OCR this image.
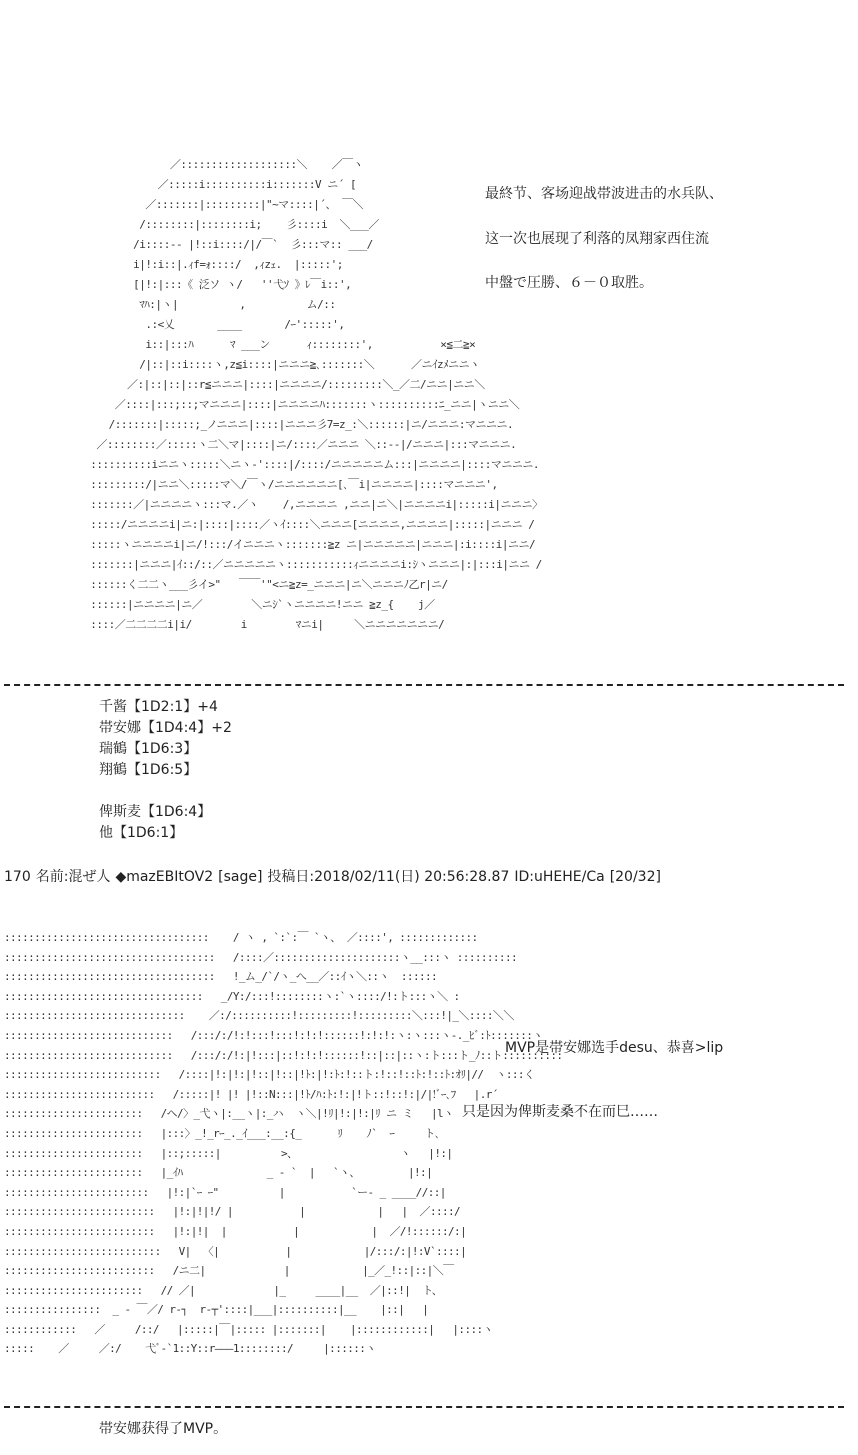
／:::::::::::::::::::＼    ／￣ヽ
／:::::i::::::::::i:::::::V ニ´ [
／:::::::|:::::::::|"~マ::::|´、 ￣＼
/::::::::|::::::::i;    彡::::i  ＼___／
/i::::-‐ |!::i::::/|/￣`  彡:::マ:: ___/
i|!:i::|.ｨf=ｫ::::/  ,ｨzｪ.  |:::::';
[|!:|:::《 泛ソ ヽ/   ''弋ｿ 》ﾚ￣i::',
ﾏﾊ:|ヽ|          ,          ム/::
.:<乂       ____       /ｰ':::::',
i::|:::ﾊ      ﾏ ___ン      ｨ::::::::',           ×≦二≧×
/|::|::i::::ヽ,z≦i::::|ニニニ≧､:::::::＼      ／ニｲzﾒニニヽ
／:|::|::|::r≦ニニニ|::::|ニニニニ/:::::::::＼_／二/ニニ|ニニ＼
／::::|:::;::;マニニニ|::::|ニニニニﾊ:::::::ヽ::::::::::ﾆ_ニニ|ヽニニ＼
/:::::::|:::::;_ノニニニ|::::|ニニニ彡7=z_:＼::::::|ニ/ニニニ:マニニニ.
／::::::::／:::::ヽ二＼マ|::::|ニ/::::／ニニニ ＼::-‐|/ニニニ|:::マニニニ.
::::::::::iニニヽ:::::＼ニヽ-'::::|/::::/ニニニニニム:::|ニニニニ|::::マニニニ.
:::::::::/|ニニ＼:::::マ＼/￣ヽ/ニニニニニニ[､￣i|ニニニニ|::::マニニニ',
:::::::／|ニニニニヽ:::マ.／ヽ    /,ニニニニ ,ニニ|ニ＼|ニニニニi|:::::i|ニニニ〉
:::::/ニニニニi|ニ:|::::|::::／ヽｲ::::＼ニニニ[ニニニニ,ニニニニ|:::::|ニニニ /
:::::ヽニニニニi|ニ/!:::/イニニニヽ:::::::≧z ニ|ニニニニニ|ニニニ|:i::::i|ニニ/
:::::::|ニニニ|ｲ::/::／ニニニニニヽ:::::::::::ｨニニニニi:ｼヽニニニ|:|:::i|ニニ /
::::::く二二ヽ___彡イ>"   ￣￣'"<ニ≧z=_ニニニ|ニ＼ニニニﾉ乙r|ニ/
::::::|ニニニニ|ニ／        ＼ニｼ`ヽニニニニ!ニニ ≧z_{    j／
::::／二二二二i|i/        i        ﾏニi|     ＼ニニニニニニニ/
最終节、客场迎战帯波进击的水兵队、
这一次也展现了利落的凤翔家西住流
中盤で圧勝、６－０取胜。
千酱【1D2:1】+4
帯安娜【1D4:4】+2
瑞鶴【1D6:3】
翔鶴【1D6:5】
俾斯麦【1D6:4】
他【1D6:1】
170 名前:混ぜ人 ◆mazEBItOV2 [sage] 投稿日:2018/02/11(日) 20:56:28.87 ID:uHEHE/Ca [20/32]
::::::::::::::::::::::::::::::::::    / ヽ , `:`:￣ `ヽ、 ／::::', :::::::::::::
:::::::::::::::::::::::::::::::::::   /::::／:::::::::::::::::::::ヽ__:::ヽ ::::::::::
:::::::::::::::::::::::::::::::::::   !_ム_/`/ヽ_へ__／::ｲヽ＼::ヽ  ::::::
:::::::::::::::::::::::::::::::::   _/Y:/:::!::::::::ヽ:`ヽ::::/!:ト:::ヽ＼ :
::::::::::::::::::::::::::::::    ／:/::::::::::!:::::::::!:::::::::＼:::!|_＼::::＼＼
::::::::::::::::::::::::::::   /:::/:/!:!:::!:::!:!:!::::::!:!:!:ヽ:ヽ:::ヽ-._ﾋﾞ:ﾄ:::::::ヽ
::::::::::::::::::::::::::::   /:::/:/!:|!:::|::!:!:!::::::!::|::|::ヽ:ト:::ト_ﾉ::ト::::::::::
::::::::::::::::::::::::::   /::::|!:|!:|!::|!::|!ﾄ:|!:ﾄ:!::ト:!::!::ﾄ:!::ﾄ:ｵﾘ|//  ヽ:::く
:::::::::::::::::::::::::   /:::::|! |! |!::N:::|!ﾄ/ﾊ:ﾄ:!:|!ト::!::!:|/|!ﾞｰ､ﾌ   |.r´
:::::::::::::::::::::::   /ヘ/〉_弋ヽ|:__ヽ|:_ハ  ヽ＼|!ﾘ|!:|!:|ﾘ ニ ミ   |lヽ
:::::::::::::::::::::::   |:::〉_!_rｰ_._ｲ___:__:{_      ﾘ    ﾉ`  ｰ     ト､
:::::::::::::::::::::::   |::;:::::|          >、                 ヽ   |!:|
:::::::::::::::::::::::   |_ｲﾊ              _ - `  |   `ヽ、        |!:|
::::::::::::::::::::::::   |!:|`ｰ ｰ"          |           `ー- _ ____//::|
:::::::::::::::::::::::::   |!:|!|!/ |           |            |   |  ／::::/
:::::::::::::::::::::::::   |!:|!|  |           |            |  ／/!::::::/:|
::::::::::::::::::::::::::   V|  〈|           |            |/:::/:|!:V`::::|
:::::::::::::::::::::::::   /ニ二|             |            |_／_!::|::|＼￣
:::::::::::::::::::::::   // ／|             |_     ____|__  ／|::!|  ト、
::::::::::::::::  _ ‐ ￣／/ r-┐  r-┬'::::|___|::::::::::|__    |::|   |
::::::::::::   ／     /::/   |:::::|￣|::::: |:::::::|    |::::::::::::|   |::::ヽ
:::::    ／     ／:/    弋ﾞ‐`1::Y::r―――1::::::::/     |::::::ヽ
MVP是帯安娜选手desu、恭喜>lip
只是因为俾斯麦桑不在而巳……
帯安娜获得了MVP。
